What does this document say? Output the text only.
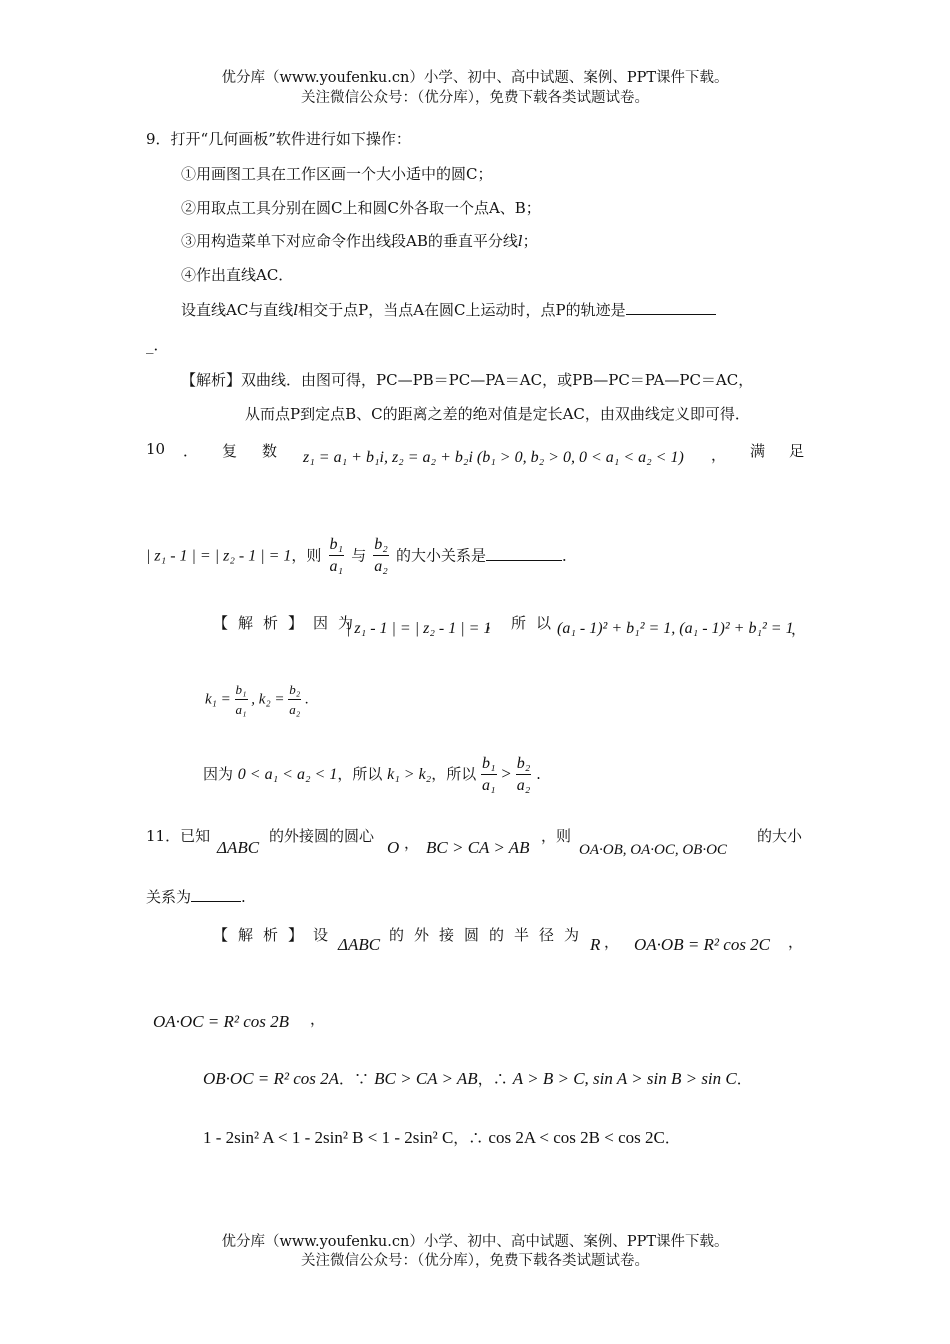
优分库（www.youfenku.cn）小学、初中、高中试题、案例、PPT课件下载。
关注微信公众号：（优分库），免费下载各类试题试卷。
9．打开“几何画板”软件进行如下操作：
①用画图工具在工作区画一个大小适中的圆C；
②用取点工具分别在圆C上和圆C外各取一个点A、B；
③用构造菜单下对应命令作出线段AB的垂直平分线l；
④作出直线AC．
设直线AC与直线l相交于点P，当点A在圆C上运动时，点P的轨迹是
_．
【解析】双曲线．由图可得，PC—PB＝PC—PA＝AC，或PB—PC＝PA—PC＝AC，
从而点P到定点B、C的距离之差的绝对值是定长AC，由双曲线定义即可得．
10 ． 复 数 z₁ = a₁ + b₁i, z₂ = a₂ + b₂i (b₁ > 0, b₂ > 0, 0 < a₁ < a₂ < 1) ， 满 足
| z₁ - 1 | = | z₂ - 1 | = 1，则 $\frac{\text{b₁}}{\text{a₁}}$ 与 $\frac{\text{b₂}}{\text{a₂}}$ 的大小关系是	．
【解析】因为
| z₁ - 1 | = | z₂ - 1 | = 1
，所以
(a₁ - 1)² + b₁² = 1, (a₁ - 1)² + b₁² = 1
，
$k_1 = \frac{\text{b₁}}{\text{a₁}}$ , $k_2 = \frac{\text{b₂}}{\text{a₂}}$ .
因为 0 < a₁ < a₂ < 1，所以 k₁ > k₂，所以 $\frac{\text{b₁}}{\text{a₁}} > \frac{\text{b₂}}{\text{a₂}}$ .
11．已知
ΔABC
的外接圆的圆心
O ， BC > CA > AB
，则
OA·OB, OA·OC, OB·OC
的大小
关系为	.
【解析】设 ΔABC 的外接圆的半径为 R ， OA·OB = R² cos 2C ，
OA·OC = R² cos 2B ，
OB·OC = R² cos 2A．∵ BC > CA > AB，∴ A > B > C, sin A > sin B > sin C．
1 - 2sin² A < 1 - 2sin² B < 1 - 2sin² C，∴ cos 2A < cos 2B < cos 2C．
优分库（www.youfenku.cn）小学、初中、高中试题、案例、PPT课件下载。
关注微信公众号：（优分库），免费下载各类试题试卷。
